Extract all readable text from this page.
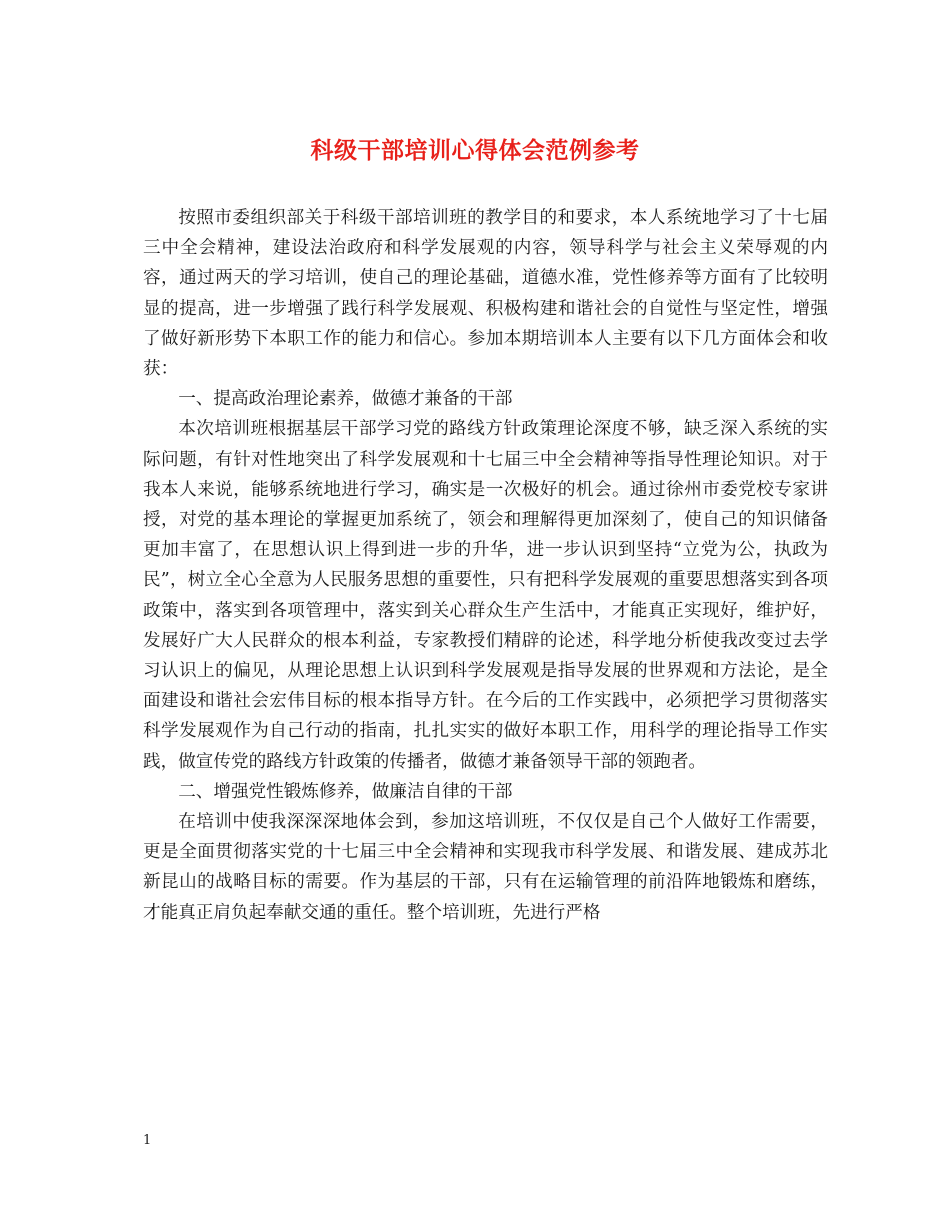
科级干部培训心得体会范例参考

按照市委组织部关于科级干部培训班的教学目的和要求，本人系统地学习了十七届三中全会精神，建设法治政府和科学发展观的内容，领导科学与社会主义荣辱观的内容，通过两天的学习培训，使自己的理论基础，道德水准，党性修养等方面有了比较明显的提高，进一步增强了践行科学发展观、积极构建和谐社会的自觉性与坚定性，增强了做好新形势下本职工作的能力和信心。参加本期培训本人主要有以下几方面体会和收获：

一、提高政治理论素养，做德才兼备的干部

本次培训班根据基层干部学习党的路线方针政策理论深度不够，缺乏深入系统的实际问题，有针对性地突出了科学发展观和十七届三中全会精神等指导性理论知识。对于我本人来说，能够系统地进行学习，确实是一次极好的机会。通过徐州市委党校专家讲授，对党的基本理论的掌握更加系统了，领会和理解得更加深刻了，使自己的知识储备更加丰富了，在思想认识上得到进一步的升华，进一步认识到坚持“立党为公，执政为民”，树立全心全意为人民服务思想的重要性，只有把科学发展观的重要思想落实到各项政策中，落实到各项管理中，落实到关心群众生产生活中，才能真正实现好，维护好，发展好广大人民群众的根本利益，专家教授们精辟的论述，科学地分析使我改变过去学习认识上的偏见，从理论思想上认识到科学发展观是指导发展的世界观和方法论，是全面建设和谐社会宏伟目标的根本指导方针。在今后的工作实践中，必须把学习贯彻落实科学发展观作为自己行动的指南，扎扎实实的做好本职工作，用科学的理论指导工作实践，做宣传党的路线方针政策的传播者，做德才兼备领导干部的领跑者。

二、增强党性锻炼修养，做廉洁自律的干部

在培训中使我深深深地体会到，参加这培训班，不仅仅是自己个人做好工作需要，更是全面贯彻落实党的十七届三中全会精神和实现我市科学发展、和谐发展、建成苏北新昆山的战略目标的需要。作为基层的干部，只有在运输管理的前沿阵地锻炼和磨练，才能真正肩负起奉献交通的重任。整个培训班，先进行严格

1
